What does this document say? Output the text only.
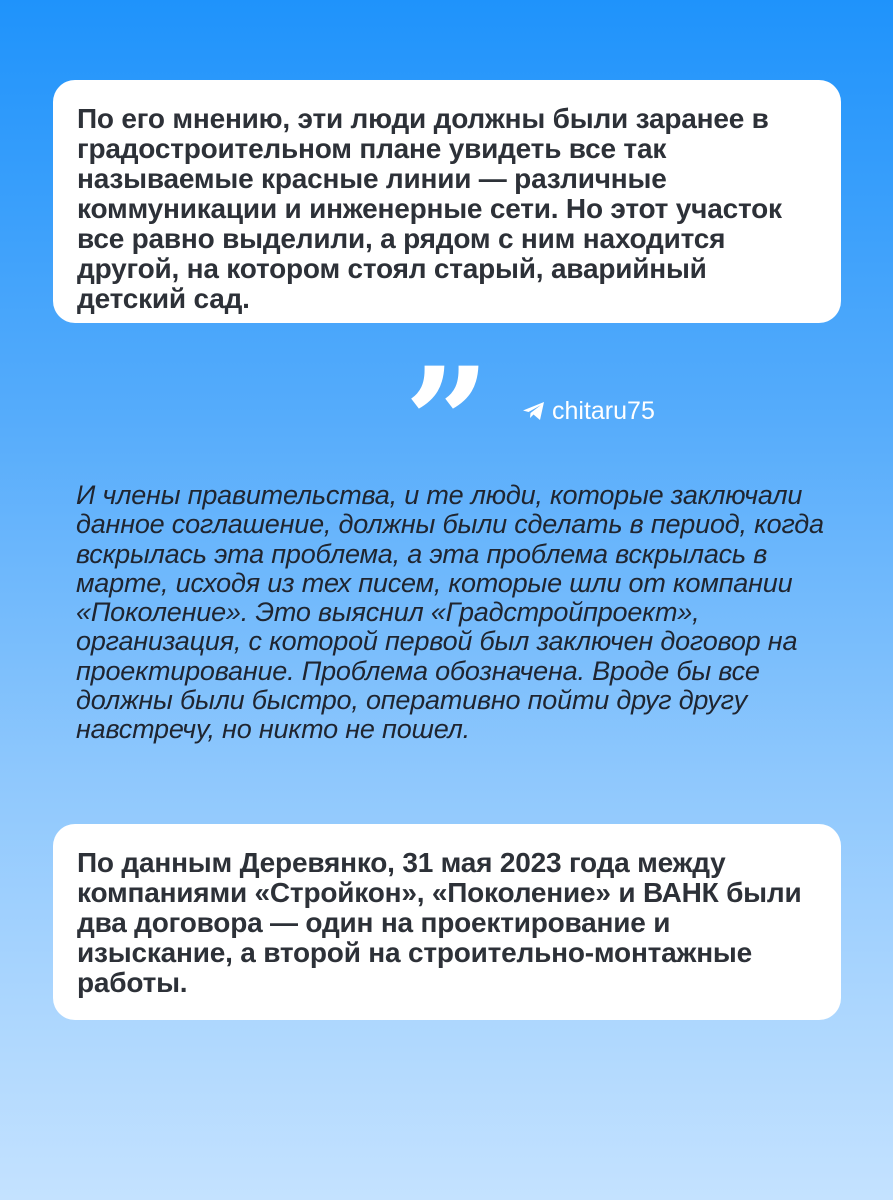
По его мнению, эти люди должны были заранее в градостроительном плане увидеть все так называемые красные линии — различные коммуникации и инженерные сети. Но этот участок все равно выделили, а рядом с ним находится другой, на котором стоял старый, аварийный детский сад.

” chitaru75

И члены правительства, и те люди, которые заключали данное соглашение, должны были сделать в период, когда вскрылась эта проблема, а эта проблема вскрылась в марте, исходя из тех писем, которые шли от компании «Поколение». Это выяснил «Градстройпроект», организация, с которой первой был заключен договор на проектирование. Проблема обозначена. Вроде бы все должны были быстро, оперативно пойти друг другу навстречу, но никто не пошел.

По данным Деревянко, 31 мая 2023 года между компаниями «Стройкон», «Поколение» и ВАНК были два договора — один на проектирование и изыскание, а второй на строительно-монтажные работы.
